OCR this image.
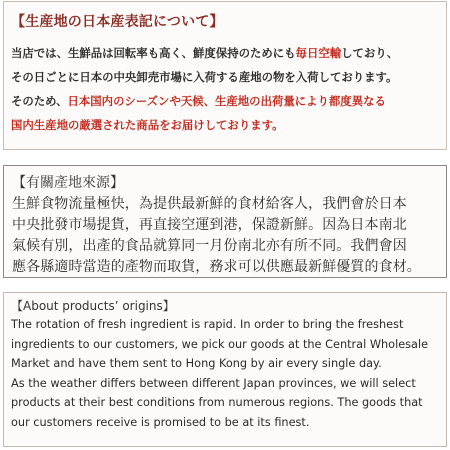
【生産地の日本産表記について】
当店では、生鮮品は回転率も高く、鮮度保持のためにも毎日空輸しており、
その日ごとに日本の中央卸売市場に入荷する産地の物を入荷しております。
そのため、日本国内のシーズンや天候、生産地の出荷量により都度異なる
国内生産地の厳選された商品をお届けしております。
【有關產地來源】
生鮮食物流量極快，為提供最新鮮的食材給客人，我們會於日本
中央批發市場提貨，再直接空運到港，保證新鮮。因為日本南北
氣候有別，出產的食品就算同一月份南北亦有所不同。我們會因
應各縣適時當造的產物而取貨，務求可以供應最新鮮優質的食材。
【About products’ origins】
The rotation of fresh ingredient is rapid. In order to bring the freshest
ingredients to our customers, we pick our goods at the Central Wholesale
Market and have them sent to Hong Kong by air every single day.
As the weather differs between different Japan provinces, we will select
products at their best conditions from numerous regions. The goods that
our customers receive is promised to be at its finest.
